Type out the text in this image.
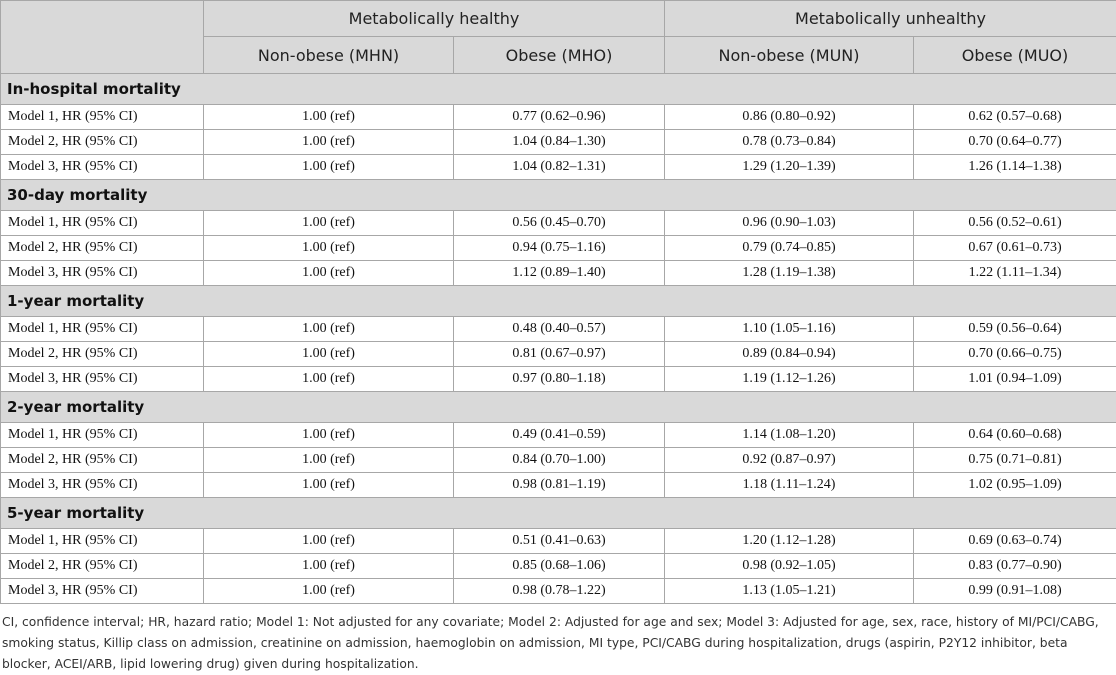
	Metabolically healthy		Metabolically unhealthy	
	Non-obese (MHN)	Obese (MHO)	Non-obese (MUN)	Obese (MUO)
In-hospital mortality				
Model 1, HR (95% CI)	1.00 (ref)	0.77 (0.62–0.96)	0.86 (0.80–0.92)	0.62 (0.57–0.68)
Model 2, HR (95% CI)	1.00 (ref)	1.04 (0.84–1.30)	0.78 (0.73–0.84)	0.70 (0.64–0.77)
Model 3, HR (95% CI)	1.00 (ref)	1.04 (0.82–1.31)	1.29 (1.20–1.39)	1.26 (1.14–1.38)
30-day mortality				
Model 1, HR (95% CI)	1.00 (ref)	0.56 (0.45–0.70)	0.96 (0.90–1.03)	0.56 (0.52–0.61)
Model 2, HR (95% CI)	1.00 (ref)	0.94 (0.75–1.16)	0.79 (0.74–0.85)	0.67 (0.61–0.73)
Model 3, HR (95% CI)	1.00 (ref)	1.12 (0.89–1.40)	1.28 (1.19–1.38)	1.22 (1.11–1.34)
1-year mortality				
Model 1, HR (95% CI)	1.00 (ref)	0.48 (0.40–0.57)	1.10 (1.05–1.16)	0.59 (0.56–0.64)
Model 2, HR (95% CI)	1.00 (ref)	0.81 (0.67–0.97)	0.89 (0.84–0.94)	0.70 (0.66–0.75)
Model 3, HR (95% CI)	1.00 (ref)	0.97 (0.80–1.18)	1.19 (1.12–1.26)	1.01 (0.94–1.09)
2-year mortality				
Model 1, HR (95% CI)	1.00 (ref)	0.49 (0.41–0.59)	1.14 (1.08–1.20)	0.64 (0.60–0.68)
Model 2, HR (95% CI)	1.00 (ref)	0.84 (0.70–1.00)	0.92 (0.87–0.97)	0.75 (0.71–0.81)
Model 3, HR (95% CI)	1.00 (ref)	0.98 (0.81–1.19)	1.18 (1.11–1.24)	1.02 (0.95–1.09)
5-year mortality				
Model 1, HR (95% CI)	1.00 (ref)	0.51 (0.41–0.63)	1.20 (1.12–1.28)	0.69 (0.63–0.74)
Model 2, HR (95% CI)	1.00 (ref)	0.85 (0.68–1.06)	0.98 (0.92–1.05)	0.83 (0.77–0.90)
Model 3, HR (95% CI)	1.00 (ref)	0.98 (0.78–1.22)	1.13 (1.05–1.21)	0.99 (0.91–1.08)

CI, confidence interval; HR, hazard ratio; Model 1: Not adjusted for any covariate; Model 2: Adjusted for age and sex; Model 3: Adjusted for age, sex, race, history of MI/PCI/CABG, smoking status, Killip class on admission, creatinine on admission, haemoglobin on admission, MI type, PCI/CABG during hospitalization, drugs (aspirin, P2Y12 inhibitor, beta blocker, ACEI/ARB, lipid lowering drug) given during hospitalization.
